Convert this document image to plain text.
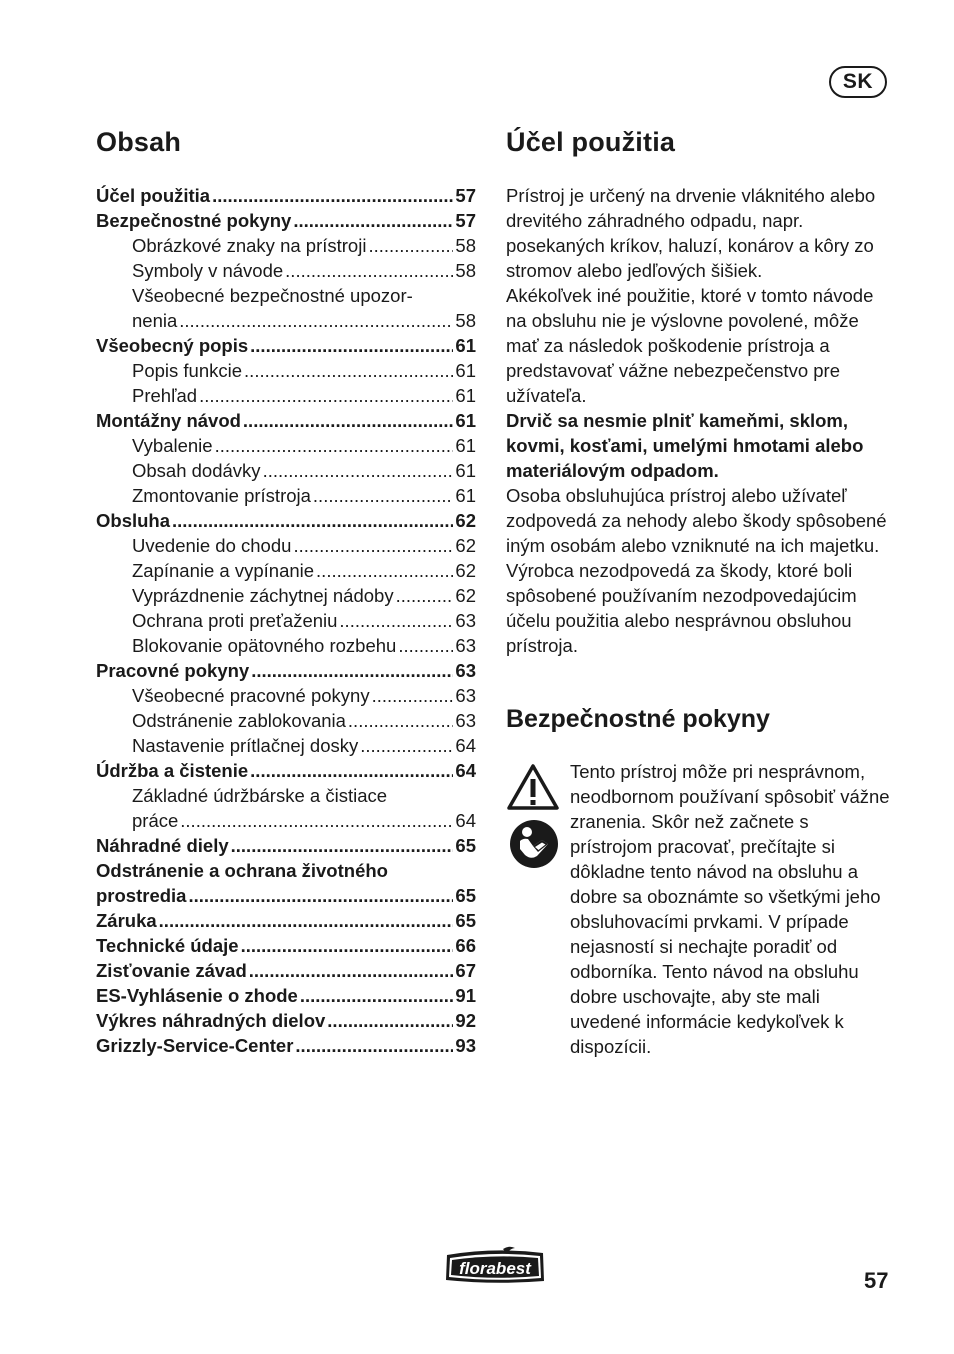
SK
Obsah
Účel použitia .....	57
Bezpečnostné pokyny .....	57
Obrázkové znaky na prístroji .....	58
Symboly v návode .....	58
Všeobecné bezpečnostné upozor-
nenia .....	58
Všeobecný popis .....	61
Popis funkcie .....	61
Prehľad .....	61
Montážny návod .....	61
Vybalenie .....	61
Obsah dodávky .....	61
Zmontovanie prístroja .....	61
Obsluha .....	62
Uvedenie do chodu .....	62
Zapínanie a vypínanie .....	62
Vyprázdnenie záchytnej nádoby .....	62
Ochrana proti preťaženiu .....	63
Blokovanie opätovného rozbehu .....	63
Pracovné pokyny .....	63
Všeobecné pracovné pokyny .....	63
Odstránenie zablokovania .....	63
Nastavenie prítlačnej dosky .....	64
Údržba a čistenie .....	64
Základné údržbárske a čistiace
práce .....	64
Náhradné diely .....	65
Odstránenie a ochrana životného
prostredia .....	65
Záruka .....	65
Technické údaje .....	66
Zisťovanie závad .....	67
ES-Vyhlásenie o zhode .....	91
Výkres náhradných dielov .....	92
Grizzly-Service-Center .....	93
Účel použitia

Prístroj je určený na drvenie vláknitého alebo drevitého záhradného odpadu, napr. posekaných kríkov, haluzí, konárov a kôry zo stromov alebo jedľových šišiek.

Akékoľvek iné použitie, ktoré v tomto návode na obsluhu nie je výslovne povolené, môže mať za následok poškodenie prístroja a predstavovať vážne nebezpečenstvo pre užívateľa.

Drvič sa nesmie plniť kameňmi, sklom, kovmi, kosťami, umelými hmotami alebo materiálovým odpadom.

Osoba obsluhujúca prístroj alebo užívateľ zodpovedá za nehody alebo škody spôsobené iným osobám alebo vzniknuté na ich majetku.

Výrobca nezodpovedá za škody, ktoré boli spôsobené používaním nezodpovedajúcim účelu použitia alebo nesprávnou obsluhou prístroja.

Bezpečnostné pokyny

Tento prístroj môže pri nesprávnom, neodbornom používaní spôsobiť vážne zranenia. Skôr než začnete s prístrojom pracovať, prečítajte si dôkladne tento návod na obsluhu a dobre sa oboznámte so všetkými jeho obsluhovacími prvkami. V prípade nejasností si nechajte poradiť od odborníka. Tento návod na obsluhu dobre uschovajte, aby ste mali uvedené informácie kedykoľvek k dispozícii.

florabest	57
